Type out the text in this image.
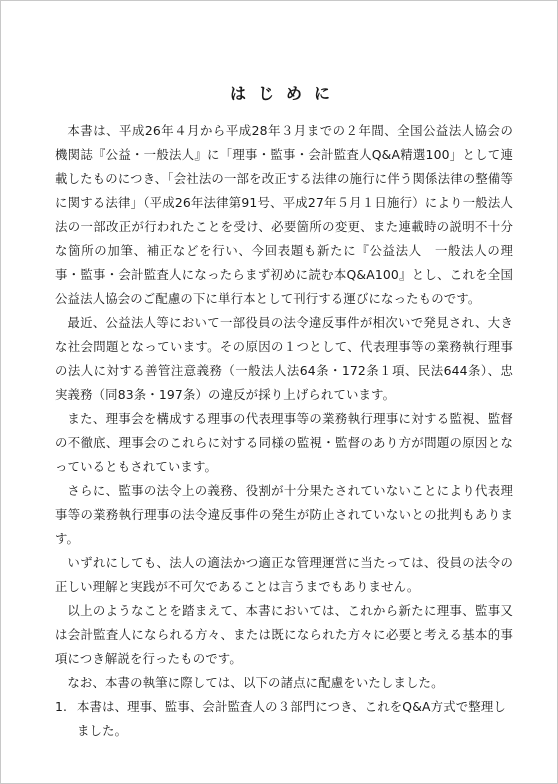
はじめに

本書は、平成26年４月から平成28年３月までの２年間、全国公益法人協会の機関誌『公益・一般法人』に「理事・監事・会計監査人Q&A精選100」として連載したものにつき、「会社法の一部を改正する法律の施行に伴う関係法律の整備等に関する法律」（平成26年法律第91号、平成27年５月１日施行）により一般法人法の一部改正が行われたことを受け、必要箇所の変更、また連載時の説明不十分な箇所の加筆、補正などを行い、今回表題も新たに『公益法人　一般法人の理事・監事・会計監査人になったらまず初めに読む本Q&A100』とし、これを全国公益法人協会のご配慮の下に単行本として刊行する運びになったものです。

最近、公益法人等において一部役員の法令違反事件が相次いで発見され、大きな社会問題となっています。その原因の１つとして、代表理事等の業務執行理事の法人に対する善管注意義務（一般法人法64条・172条１項、民法644条）、忠実義務（同83条・197条）の違反が採り上げられています。

また、理事会を構成する理事の代表理事等の業務執行理事に対する監視、監督の不徹底、理事会のこれらに対する同様の監視・監督のあり方が問題の原因となっているともされています。

さらに、監事の法令上の義務、役割が十分果たされていないことにより代表理事等の業務執行理事の法令違反事件の発生が防止されていないとの批判もあります。

いずれにしても、法人の適法かつ適正な管理運営に当たっては、役員の法令の正しい理解と実践が不可欠であることは言うまでもありません。

以上のようなことを踏まえて、本書においては、これから新たに理事、監事又は会計監査人になられる方々、または既になられた方々に必要と考える基本的事項につき解説を行ったものです。

なお、本書の執筆に際しては、以下の諸点に配慮をいたしました。

1. 本書は、理事、監事、会計監査人の３部門につき、これをQ&A方式で整理しました。
